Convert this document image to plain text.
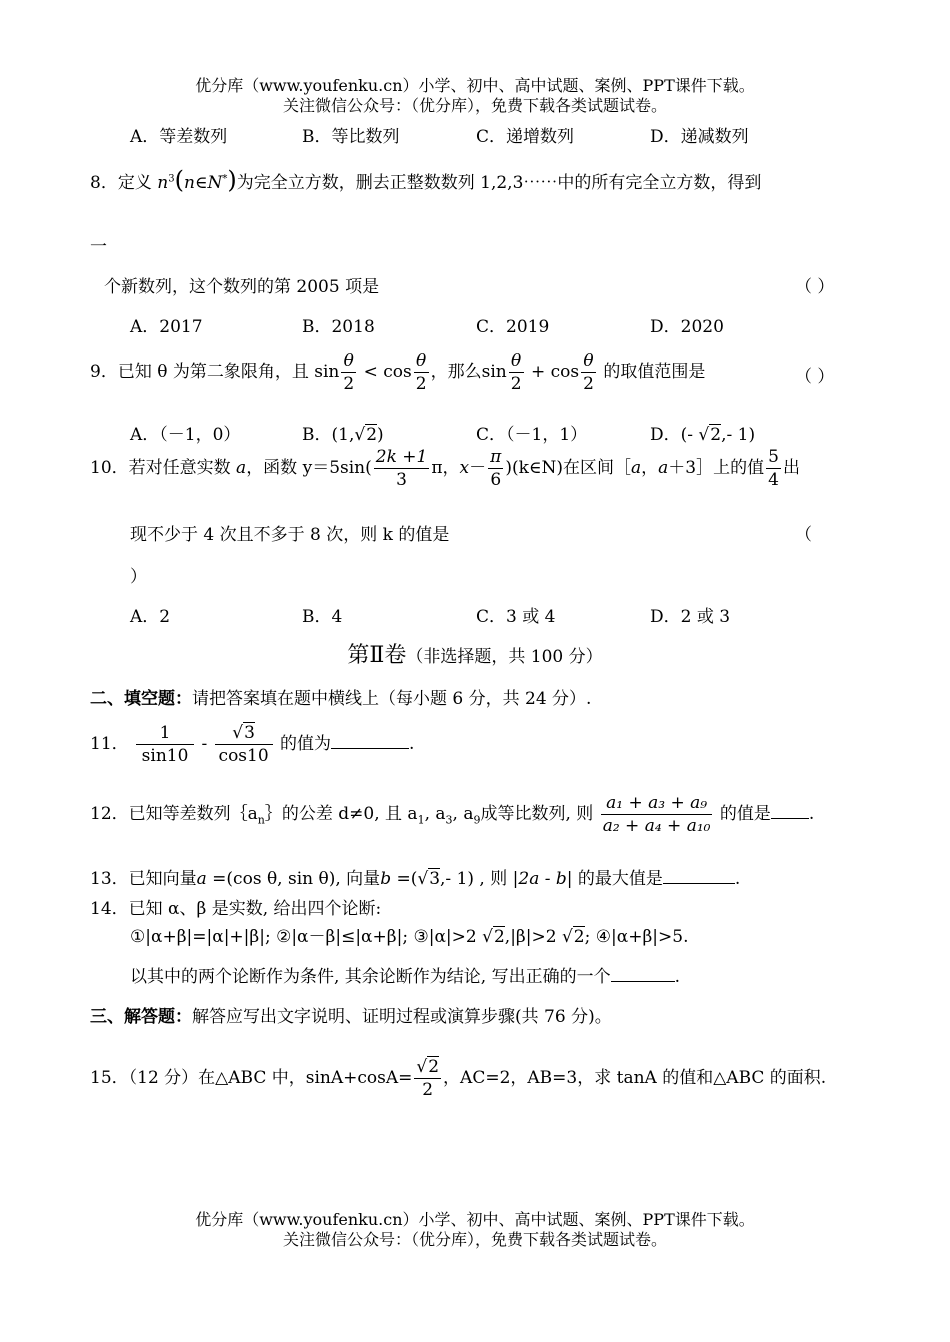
优分库（www.youfenku.cn）小学、初中、高中试题、案例、PPT课件下载。
关注微信公众号：（优分库），免费下载各类试题试卷。
A．等差数列	B．等比数列	C．递增数列	D．递减数列
8．定义 $n^3(n\in N^*)$为完全立方数，删去正整数数列 1,2,3⋯⋯中的所有完全立方数，得到
一
个新数列，这个数列的第 2005 项是	（ ）
A．2017	B．2018	C．2019	D．2020
9．已知 θ 为第二象限角，且 $\sin \frac{\theta}{2} < \cos \frac{\theta}{2}$ ，那么$\sin \frac{\theta}{2} + \cos \frac{\theta}{2}$ 的取值范围是	（ ）
A．（－1，0）	B．(1,√2)	C．（－1，1）	D．(- √2,- 1)
10．若对任意实数 a，函数 $y=5\sin( \frac{2k +1}{3}$ π，$x- \frac{\pi}{6}$ )(k∈N)在区间［a，a＋3］上的值 $\frac{5}{4}$ 出
现不少于 4 次且不多于 8 次，则 k 的值是	（
）
A．2	B．4	C．3 或 4	D．2 或 3
第Ⅱ卷（非选择题，共 100 分）
二、填空题：请把答案填在题中横线上（每小题 6 分，共 24 分）.
11． $\frac{1}{\sin 10} - \frac{√3}{\cos 10}$ 的值为	.
12．已知等差数列$\{a_n\}$的公差 d≠0, 且 $a_1$, $a_3$, $a_9$成等比数列, 则 $\frac{\text{a₁ + a₃ + a₉}}{\text{a₂ + a₄ + a₁₀}}$ 的值是 .
13．已知向量a =(cos θ, sin θ), 向量b =(√3,- 1) , 则 |2a - b| 的最大值是	.
14．已知 α、β 是实数, 给出四个论断:
①|α+β|=|α|+|β|; ②|α－β|≤|α+β|; ③|α|>2 √2,|β|>2 √2; ④|α+β|>5.
以其中的两个论断作为条件, 其余论断作为结论, 写出正确的一个	.
三、解答题：解答应写出文字说明、证明过程或演算步骤(共 76 分)。
15．（12 分）在△ABC 中，$\sin A+\cos A= \frac{√2}{2}$ ，AC=2，AB=3，求 tanA 的值和△ABC 的面积.
优分库（www.youfenku.cn）小学、初中、高中试题、案例、PPT课件下载。
关注微信公众号：（优分库），免费下载各类试题试卷。
